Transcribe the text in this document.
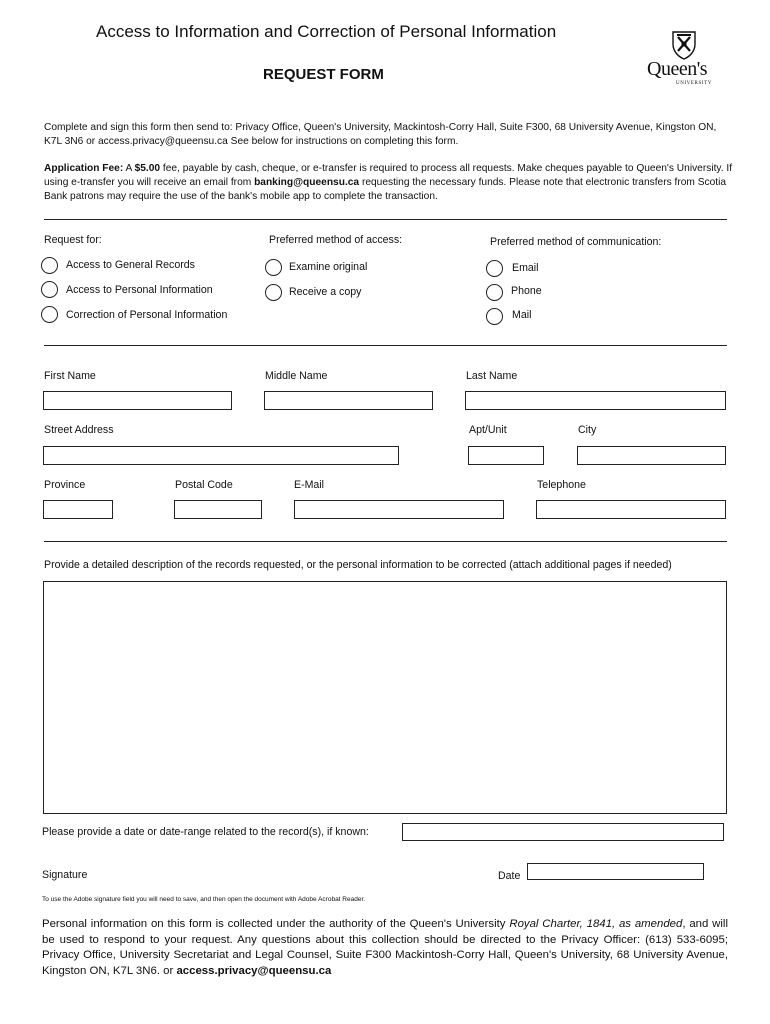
Access to Information and Correction of Personal Information
REQUEST FORM	Queen's
UNIVERSITY
Complete and sign this form then send to: Privacy Office, Queen's University, Mackintosh-Corry Hall, Suite F300, 68 University Avenue, Kingston ON, K7L 3N6 or access.privacy@queensu.ca See below for instructions on completing this form.
Application Fee: A $5.00 fee, payable by cash, cheque, or e-transfer is required to process all requests. Make cheques payable to Queen's University. If using e-transfer you will receive an email from banking@queensu.ca requesting the necessary funds. Please note that electronic transfers from Scotia Bank patrons may require the use of the bank's mobile app to complete the transaction.
Request for:
Access to General Records
Access to Personal Information
Correction of Personal Information
Preferred method of access:
Examine original
Receive a copy
Preferred method of communication:
Email
Phone
Mail
First Name	Middle Name	Last Name
Street Address	Apt/Unit	City
Province	Postal Code	E-Mail	Telephone
Provide a detailed description of the records requested, or the personal information to be corrected (attach additional pages if needed)
Please provide a date or date-range related to the record(s), if known:
Signature	Date
To use the Adobe signature field you will need to save, and then open the document with Adobe Acrobat Reader.
Personal information on this form is collected under the authority of the Queen's University Royal Charter, 1841, as amended, and will be used to respond to your request. Any questions about this collection should be directed to the Privacy Officer: (613) 533-6095; Privacy Office, University Secretariat and Legal Counsel, Suite F300 Mackintosh-Corry Hall, Queen's University, 68 University Avenue, Kingston ON, K7L 3N6. or access.privacy@queensu.ca
